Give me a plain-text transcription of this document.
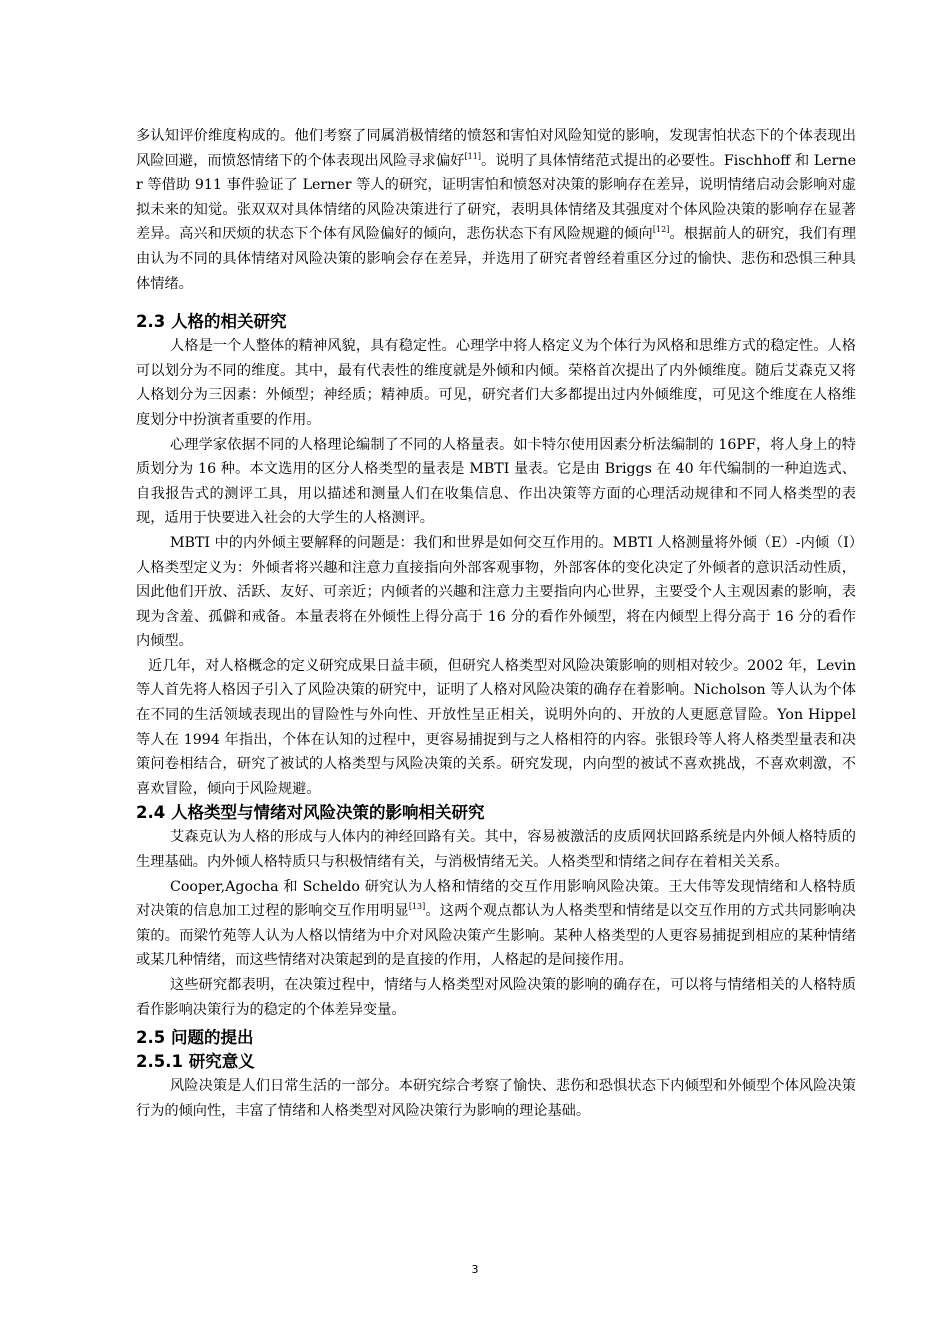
多认知评价维度构成的。他们考察了同属消极情绪的愤怒和害怕对风险知觉的影响，发现害怕状态下的个体表现出风险回避，而愤怒情绪下的个体表现出风险寻求偏好[11]。说明了具体情绪范式提出的必要性。Fischhoff 和 Lerner 等借助 911 事件验证了 Lerner 等人的研究，证明害怕和愤怒对决策的影响存在差异，说明情绪启动会影响对虚拟未来的知觉。张双双对具体情绪的风险决策进行了研究，表明具体情绪及其强度对个体风险决策的影响存在显著差异。高兴和厌烦的状态下个体有风险偏好的倾向，悲伤状态下有风险规避的倾向[12]。根据前人的研究，我们有理由认为不同的具体情绪对风险决策的影响会存在差异，并选用了研究者曾经着重区分过的愉快、悲伤和恐惧三种具体情绪。

2.3 人格的相关研究

人格是一个人整体的精神风貌，具有稳定性。心理学中将人格定义为个体行为风格和思维方式的稳定性。人格可以划分为不同的维度。其中，最有代表性的维度就是外倾和内倾。荣格首次提出了内外倾维度。随后艾森克又将人格划分为三因素：外倾型；神经质；精神质。可见，研究者们大多都提出过内外倾维度，可见这个维度在人格维度划分中扮演者重要的作用。

心理学家依据不同的人格理论编制了不同的人格量表。如卡特尔使用因素分析法编制的 16PF，将人身上的特质划分为 16 种。本文选用的区分人格类型的量表是 MBTI 量表。它是由 Briggs 在 40 年代编制的一种迫选式、自我报告式的测评工具，用以描述和测量人们在收集信息、作出决策等方面的心理活动规律和不同人格类型的表现，适用于快要进入社会的大学生的人格测评。

MBTI 中的内外倾主要解释的问题是：我们和世界是如何交互作用的。MBTI 人格测量将外倾（E）-内倾（I）人格类型定义为：外倾者将兴趣和注意力直接指向外部客观事物，外部客体的变化决定了外倾者的意识活动性质，因此他们开放、活跃、友好、可亲近；内倾者的兴趣和注意力主要指向内心世界，主要受个人主观因素的影响，表现为含羞、孤僻和戒备。本量表将在外倾性上得分高于 16 分的看作外倾型，将在内倾型上得分高于 16 分的看作内倾型。

近几年，对人格概念的定义研究成果日益丰硕，但研究人格类型对风险决策影响的则相对较少。2002 年，Levin 等人首先将人格因子引入了风险决策的研究中，证明了人格对风险决策的确存在着影响。Nicholson 等人认为个体在不同的生活领域表现出的冒险性与外向性、开放性呈正相关，说明外向的、开放的人更愿意冒险。Yon Hippel 等人在 1994 年指出，个体在认知的过程中，更容易捕捉到与之人格相符的内容。张银玲等人将人格类型量表和决策问卷相结合，研究了被试的人格类型与风险决策的关系。研究发现，内向型的被试不喜欢挑战，不喜欢刺激，不喜欢冒险，倾向于风险规避。

2.4 人格类型与情绪对风险决策的影响相关研究

艾森克认为人格的形成与人体内的神经回路有关。其中，容易被激活的皮质网状回路系统是内外倾人格特质的生理基础。内外倾人格特质只与积极情绪有关，与消极情绪无关。人格类型和情绪之间存在着相关关系。

Cooper,Agocha 和 Scheldo 研究认为人格和情绪的交互作用影响风险决策。王大伟等发现情绪和人格特质对决策的信息加工过程的影响交互作用明显[13]。这两个观点都认为人格类型和情绪是以交互作用的方式共同影响决策的。而梁竹苑等人认为人格以情绪为中介对风险决策产生影响。某种人格类型的人更容易捕捉到相应的某种情绪或某几种情绪，而这些情绪对决策起到的是直接的作用，人格起的是间接作用。

这些研究都表明，在决策过程中，情绪与人格类型对风险决策的影响的确存在，可以将与情绪相关的人格特质看作影响决策行为的稳定的个体差异变量。

2.5 问题的提出
2.5.1 研究意义

风险决策是人们日常生活的一部分。本研究综合考察了愉快、悲伤和恐惧状态下内倾型和外倾型个体风险决策行为的倾向性，丰富了情绪和人格类型对风险决策行为影响的理论基础。

3
